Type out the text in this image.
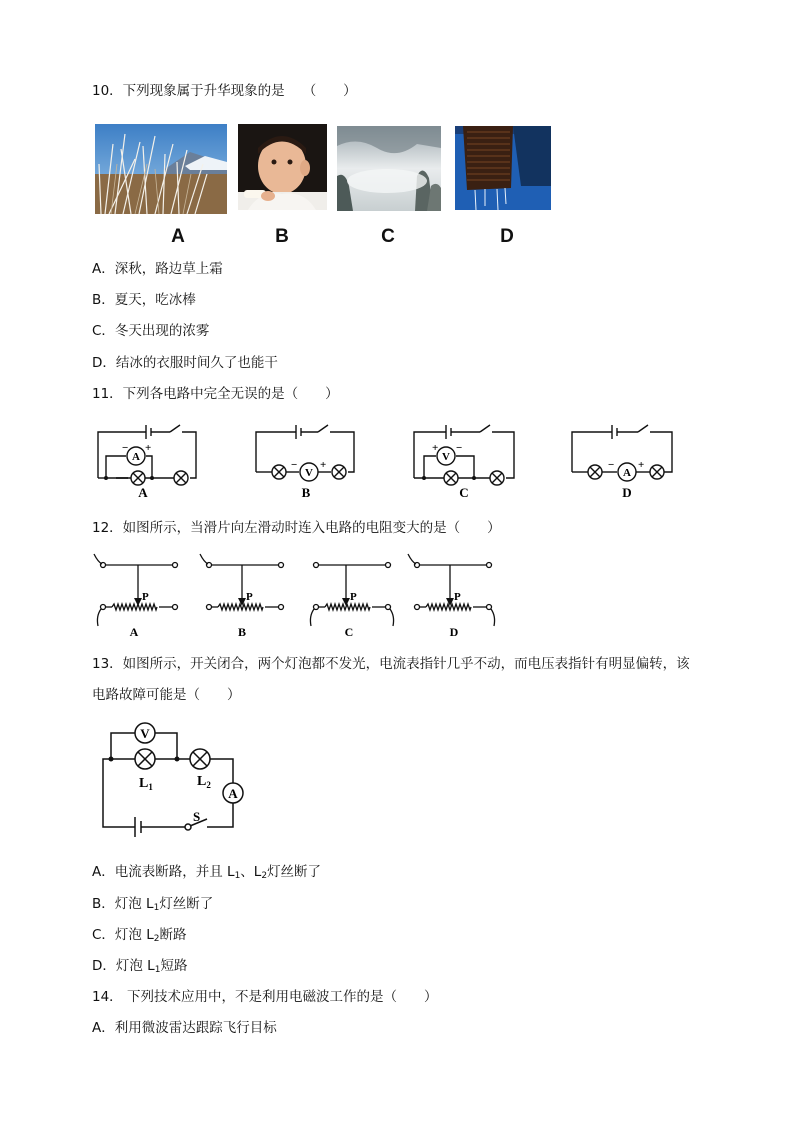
10．下列现象属于升华现象的是 （　　）
A	B	C	D
A．深秋，路边草上霜
B．夏天，吃冰棒
C．冬天出现的浓雾
D．结冰的衣服时间久了也能干
11．下列各电路中完全无误的是（　　）
A
− +
A
V
− +
B
V
+ −
C
A
− +
D
12．如图所示，当滑片向左滑动时连入电路的电阻变大的是（　　）
P
A
P
B
P
C
P
D
13．如图所示，开关闭合，两个灯泡都不发光，电流表指针几乎不动，而电压表指针有明显偏转，该
电路故障可能是（　　）
V
A
$L_1$	$L_2$
S
A．电流表断路，并且 $L_1$、$L_2$灯丝断了
B．灯泡 $L_1$灯丝断了
C．灯泡 $L_2$断路
D．灯泡 $L_1$短路
14． 下列技术应用中，不是利用电磁波工作的是（　　）
A．利用微波雷达跟踪飞行目标
